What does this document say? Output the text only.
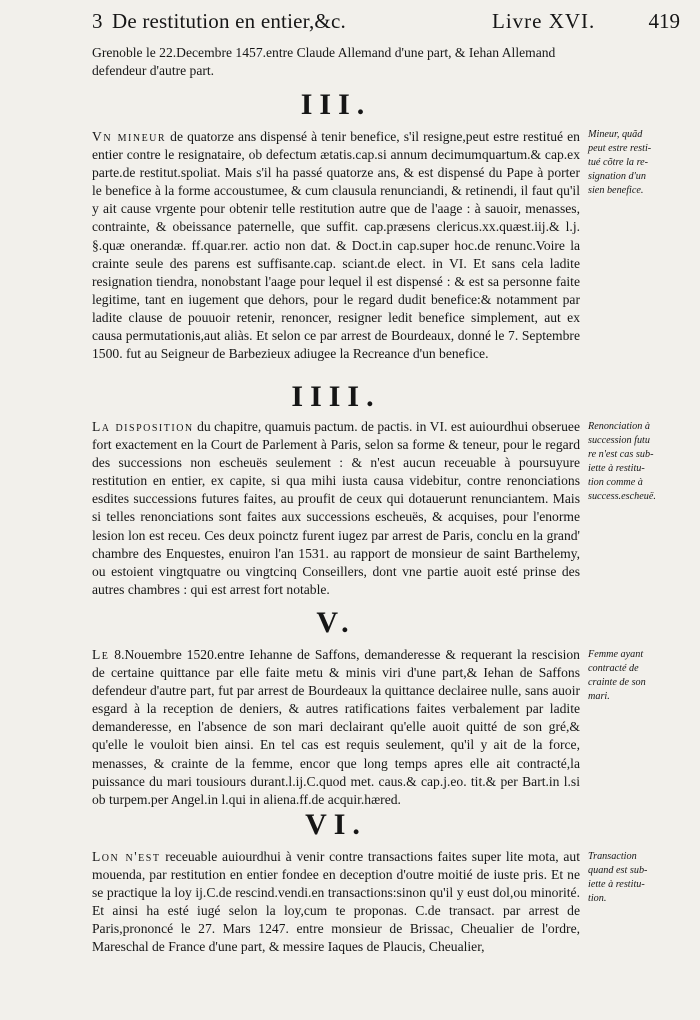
3 De restitution en entier,&c.	Livre XVI.	419

Grenoble le 22.Decembre 1457.entre Claude Allemand d'une part, & Iehan Allemand defendeur d'autre part.

III.

Vn mineur de quatorze ans dispensé à tenir benefice, s'il resigne,peut estre restitué en entier contre le resignataire, ob defectum ætatis.cap.si annum decimumquartum.& cap.ex parte.de restitut.spoliat. Mais s'il ha passé quatorze ans, & est dispensé du Pape à porter le benefice à la forme accoustumee, & cum clausula renunciandi, & retinendi, il faut qu'il y ait cause vrgente pour obtenir telle restitution autre que de l'aage : à sauoir, menasses, contrainte, & obeissance paternelle, que suffit. cap.præsens clericus.xx.quæst.iij.& l.j. §.quæ onerandæ. ff.quar.rer. actio non dat. & Doct.in cap.super hoc.de renunc.Voire la crainte seule des parens est suffisante.cap. sciant.de elect. in VI. Et sans cela ladite resignation tiendra, nonobstant l'aage pour lequel il est dispensé : & est sa personne faite legitime, tant en iugement que dehors, pour le regard dudit benefice:& notamment par ladite clause de pouuoir retenir, renoncer, resigner ledit benefice simplement, aut ex causa permutationis,aut aliàs. Et selon ce par arrest de Bourdeaux, donné le 7. Septembre 1500. fut au Seigneur de Barbezieux adiugee la Recreance d'un benefice.

Mineur, quãd
peut estre resti-
tué cõtre la re-
signation d'un
sien benefice.
IIII.

La disposition du chapitre, quamuis pactum. de pactis. in VI. est auiourdhui obseruee fort exactement en la Court de Parlement à Paris, selon sa forme & teneur, pour le regard des successions non escheuës seulement : & n'est aucun receuable à poursuyure restitution en entier, ex capite, si qua mihi iusta causa videbitur, contre renonciations esdites successions futures faites, au proufit de ceux qui dotauerunt renunciantem. Mais si telles renonciations sont faites aux successions escheuës, & acquises, pour l'enorme lesion lon est receu. Ces deux poinctz furent iugez par arrest de Paris, conclu en la grand' chambre des Enquestes, enuiron l'an 1531. au rapport de monsieur de saint Barthelemy, ou estoient vingtquatre ou vingtcinq Conseillers, dont vne partie auoit esté prinse des autres chambres : qui est arrest fort notable.

Renonciation à
succession futu
re n'est cas sub-
iette à restitu-
tion comme à
success.escheuë.
V.

Le 8.Nouembre 1520.entre Iehanne de Saffons, demanderesse & requerant la rescision de certaine quittance par elle faite metu & minis viri d'une part,& Iehan de Saffons defendeur d'autre part, fut par arrest de Bourdeaux la quittance declairee nulle, sans auoir esgard à la reception de deniers, & autres ratifications faites verbalement par ladite demanderesse, en l'absence de son mari declairant qu'elle auoit quitté de son gré,& qu'elle le vouloit bien ainsi. En tel cas est requis seulement, qu'il y ait de la force, menasses, & crainte de la femme, encor que long temps apres elle ait contracté,la puissance du mari tousiours durant.l.ij.C.quod met. caus.& cap.j.eo. tit.& per Bart.in l.si ob turpem.per Angel.in l.qui in aliena.ff.de acquir.hæred.

Femme ayant
contracté de
crainte de son
mari.
VI.

Lon n'est receuable auiourdhui à venir contre transactions faites super lite mota, aut mouenda, par restitution en entier fondee en deception d'outre moitié de iuste pris. Et ne se practique la loy ij.C.de rescind.vendi.en transactions:sinon qu'il y eust dol,ou minorité. Et ainsi ha esté iugé selon la loy,cum te proponas. C.de transact. par arrest de Paris,prononcé le 27. Mars 1247. entre monsieur de Brissac, Cheualier de l'ordre, Mareschal de France d'une part, & messire Iaques de Plaucis, Cheualier,

Transaction
quand est sub-
iette à restitu-
tion.
